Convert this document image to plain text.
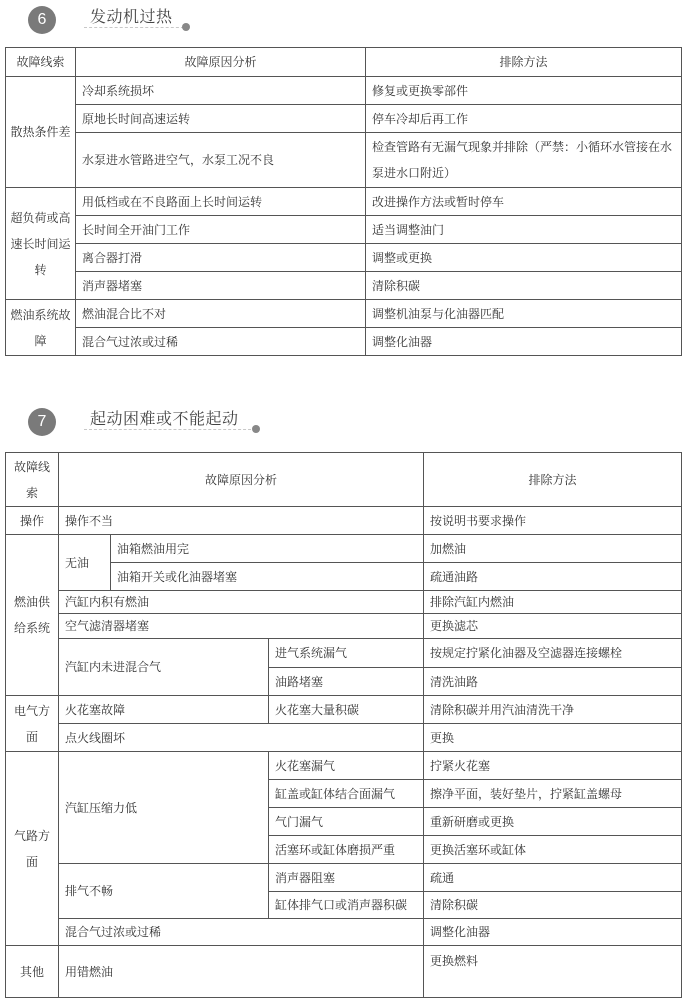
6	发动机过热
故障线索	故障原因分析	排除方法
散热条件差	冷却系统损坏	修复或更换零部件
	原地长时间高速运转	停车冷却后再工作
	水泵进水管路进空气，水泵工况不良	检查管路有无漏气现象并排除（严禁：小循环水管接在水泵进水口附近）
超负荷或高速长时间运转	用低档或在不良路面上长时间运转	改进操作方法或暂时停车
	长时间全开油门工作	适当调整油门
	离合器打滑	调整或更换
	消声器堵塞	清除积碳
燃油系统故障	燃油混合比不对	调整机油泵与化油器匹配
	混合气过浓或过稀	调整化油器
7	起动困难或不能起动
故障线索	故障原因分析			排除方法
操作	操作不当			按说明书要求操作
燃油供给系统	无油	油箱燃油用完		加燃油
		油箱开关或化油器堵塞		疏通油路
	汽缸内积有燃油			排除汽缸内燃油
	空气滤清器堵塞			更换滤芯
	汽缸内未进混合气		进气系统漏气	按规定拧紧化油器及空滤器连接螺栓
			油路堵塞	清洗油路
电气方面	火花塞故障		火花塞大量积碳	清除积碳并用汽油清洗干净
	点火线圈坏			更换
气路方面	汽缸压缩力低		火花塞漏气	拧紧火花塞
			缸盖或缸体结合面漏气	擦净平面，装好垫片，拧紧缸盖螺母
			气门漏气	重新研磨或更换
			活塞环或缸体磨损严重	更换活塞环或缸体
	排气不畅		消声器阻塞	疏通
			缸体排气口或消声器积碳	清除积碳
	混合气过浓或过稀			调整化油器
其他	用错燃油			更换燃料
